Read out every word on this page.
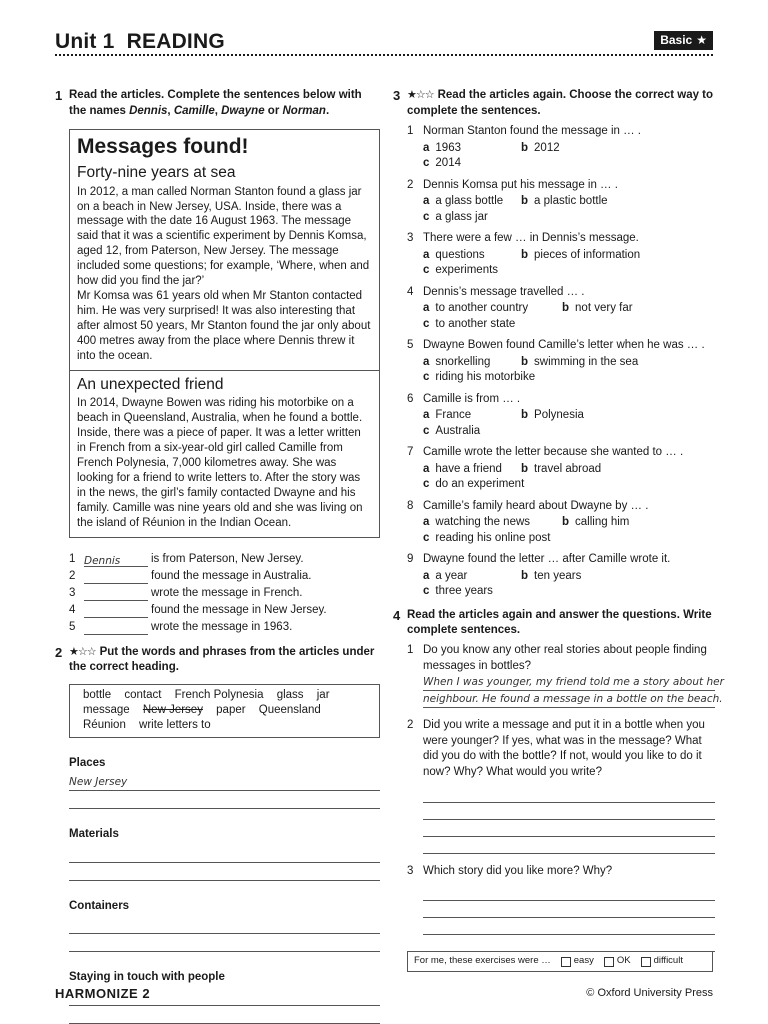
Unit 1 READING	Basic ★
1 Read the articles. Complete the sentences below with the names Dennis, Camille, Dwayne or Norman.
Messages found!
Forty-nine years at sea

In 2012, a man called Norman Stanton found a glass jar on a beach in New Jersey, USA. Inside, there was a message with the date 16 August 1963. The message said that it was a scientific experiment by Dennis Komsa, aged 12, from Paterson, New Jersey. The message included some questions; for example, ‘Where, when and how did you find the jar?’

Mr Komsa was 61 years old when Mr Stanton contacted him. He was very surprised! It was also interesting that after almost 50 years, Mr Stanton found the jar only about 400 metres away from the place where Dennis threw it into the ocean.

An unexpected friend

In 2014, Dwayne Bowen was riding his motorbike on a beach in Queensland, Australia, when he found a bottle. Inside, there was a piece of paper. It was a letter written in French from a six-year-old girl called Camille from French Polynesia, 7,000 kilometres away. She was looking for a friend to write letters to. After the story was in the news, the girl’s family contacted Dwayne and his family. Camille was nine years old and she was living on the island of Réunion in the Indian Ocean.

1 Dennis	is from Paterson, New Jersey.
2	found the message in Australia.
3	wrote the message in French.
4	found the message in New Jersey.
5	wrote the message in 1963.
2 ★☆☆ Put the words and phrases from the articles under the correct heading.
bottle contact French Polynesia glass jar message New Jersey paper Queensland Réunion write letters to
Places
New Jersey
Materials
Containers
Staying in touch with people
3 ★☆☆ Read the articles again. Choose the correct way to complete the sentences.
1 Norman Stanton found the message in … .
a 1963	b 2012
c 2014
2 Dennis Komsa put his message in … .
a a glass bottle	b a plastic bottle
c a glass jar
3 There were a few … in Dennis’s message.
a questions	b pieces of information
c experiments
4 Dennis’s message travelled … .
a to another country	b not very far
c to another state
5 Dwayne Bowen found Camille’s letter when he was … .
a snorkelling	b swimming in the sea
c riding his motorbike
6 Camille is from … .
a France	b Polynesia
c Australia
7 Camille wrote the letter because she wanted to … .
a have a friend	b travel abroad
c do an experiment
8 Camille’s family heard about Dwayne by … .
a watching the news	b calling him
c reading his online post
9 Dwayne found the letter … after Camille wrote it.
a a year	b ten years
c three years
4 Read the articles again and answer the questions. Write complete sentences.
1 Do you know any other real stories about people finding messages in bottles?
When I was younger, my friend told me a story about her
neighbour. He found a message in a bottle on the beach.
2 Did you write a message and put it in a bottle when you were younger? If yes, what was in the message? What did you do with the bottle? If not, would you like to do it now? Why? What would you write?
3 Which story did you like more? Why?
For me, these exercises were … easy OK difficult
HARMONIZE 2	© Oxford University Press
